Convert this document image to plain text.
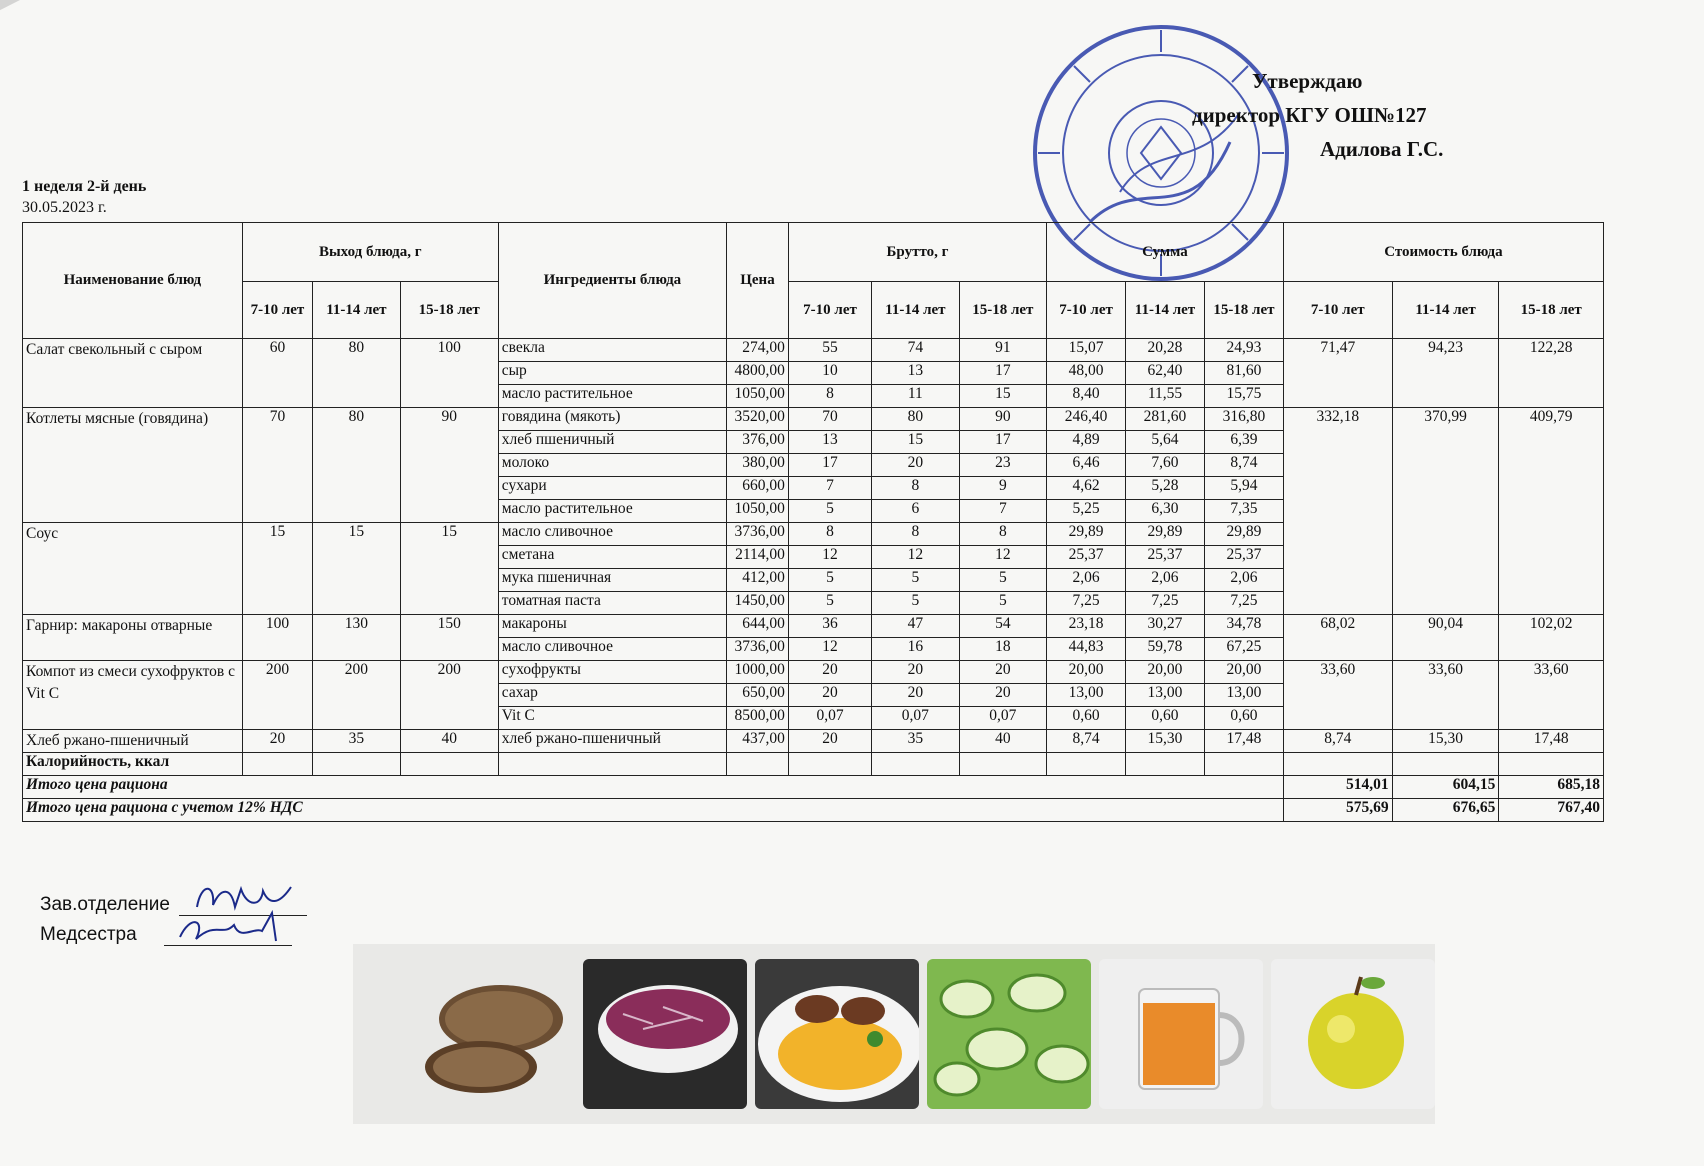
Утверждаю
директор КГУ ОШ№127
Адилова Г.С.
1 неделя 2-й день
30.05.2023 г.
Наименование блюд	Выход блюда, г			Ингредиенты блюда	Цена	Брутто, г			Сумма			Стоимость блюда		
	7-10 лет	11-14 лет	15-18 лет			7-10 лет	11-14 лет	15-18 лет	7-10 лет	11-14 лет	15-18 лет	7-10 лет	11-14 лет	15-18 лет
Салат свекольный с сыром	60	80	100	свекла	274,00	55	74	91	15,07	20,28	24,93	71,47	94,23	122,28
				сыр	4800,00	10	13	17	48,00	62,40	81,60			
				масло растительное	1050,00	8	11	15	8,40	11,55	15,75			
Котлеты мясные (говядина)	70	80	90	говядина (мякоть)	3520,00	70	80	90	246,40	281,60	316,80	332,18	370,99	409,79
				хлеб пшеничный	376,00	13	15	17	4,89	5,64	6,39			
				молоко	380,00	17	20	23	6,46	7,60	8,74			
				сухари	660,00	7	8	9	4,62	5,28	5,94			
				масло растительное	1050,00	5	6	7	5,25	6,30	7,35			
Соус	15	15	15	масло сливочное	3736,00	8	8	8	29,89	29,89	29,89			
				сметана	2114,00	12	12	12	25,37	25,37	25,37			
				мука пшеничная	412,00	5	5	5	2,06	2,06	2,06			
				томатная паста	1450,00	5	5	5	7,25	7,25	7,25			
Гарнир: макароны отварные	100	130	150	макароны	644,00	36	47	54	23,18	30,27	34,78	68,02	90,04	102,02
				масло сливочное	3736,00	12	16	18	44,83	59,78	67,25			
Компот из смеси сухофруктов с Vit C	200	200	200	сухофрукты	1000,00	20	20	20	20,00	20,00	20,00	33,60	33,60	33,60
				сахар	650,00	20	20	20	13,00	13,00	13,00			
				Vit C	8500,00	0,07	0,07	0,07	0,60	0,60	0,60			
Хлеб ржано-пшеничный	20	35	40	хлеб ржано-пшеничный	437,00	20	35	40	8,74	15,30	17,48	8,74	15,30	17,48
Калорийность, ккал														
Итого цена рациона												514,01	604,15	685,18
Итого цена рациона с учетом 12% НДС												575,69	676,65	767,40
Зав.отделение
Медсестра
